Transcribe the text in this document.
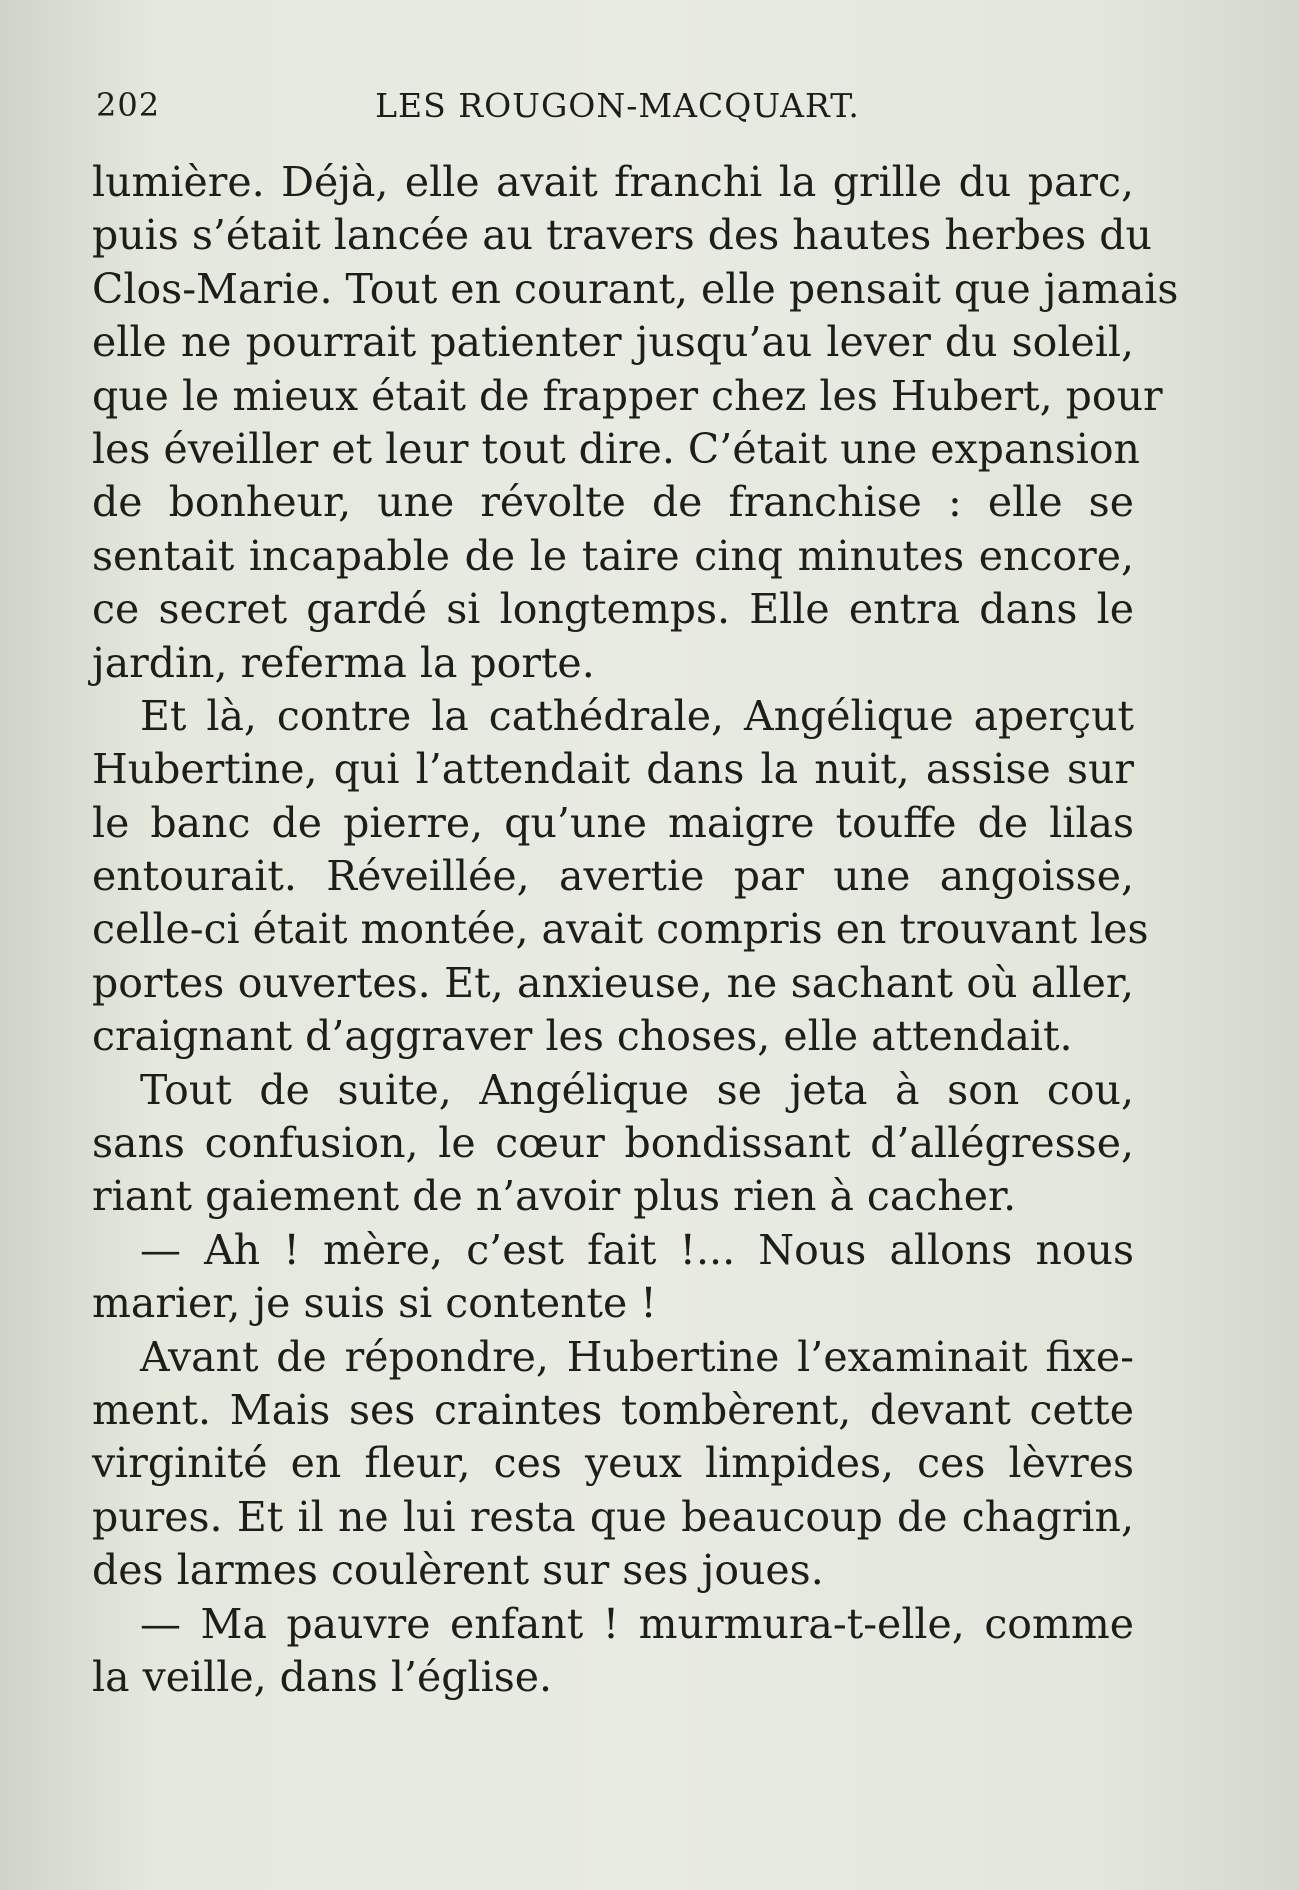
202	LES ROUGON-MACQUART.
lumière. Déjà, elle avait franchi la grille du parc,
puis s’était lancée au travers des hautes herbes du
Clos-Marie. Tout en courant, elle pensait que jamais
elle ne pourrait patienter jusqu’au lever du soleil,
que le mieux était de frapper chez les Hubert, pour
les éveiller et leur tout dire. C’était une expansion
de bonheur, une révolte de franchise : elle se
sentait incapable de le taire cinq minutes encore,
ce secret gardé si longtemps. Elle entra dans le
jardin, referma la porte.
Et là, contre la cathédrale, Angélique aperçut
Hubertine, qui l’attendait dans la nuit, assise sur
le banc de pierre, qu’une maigre touffe de lilas
entourait. Réveillée, avertie par une angoisse,
celle-ci était montée, avait compris en trouvant les
portes ouvertes. Et, anxieuse, ne sachant où aller,
craignant d’aggraver les choses, elle attendait.
Tout de suite, Angélique se jeta à son cou,
sans confusion, le cœur bondissant d’allégresse,
riant gaiement de n’avoir plus rien à cacher.
— Ah ! mère, c’est fait !... Nous allons nous
marier, je suis si contente !
Avant de répondre, Hubertine l’examinait fixe-
ment. Mais ses craintes tombèrent, devant cette
virginité en fleur, ces yeux limpides, ces lèvres
pures. Et il ne lui resta que beaucoup de chagrin,
des larmes coulèrent sur ses joues.
— Ma pauvre enfant ! murmura-t-elle, comme
la veille, dans l’église.
